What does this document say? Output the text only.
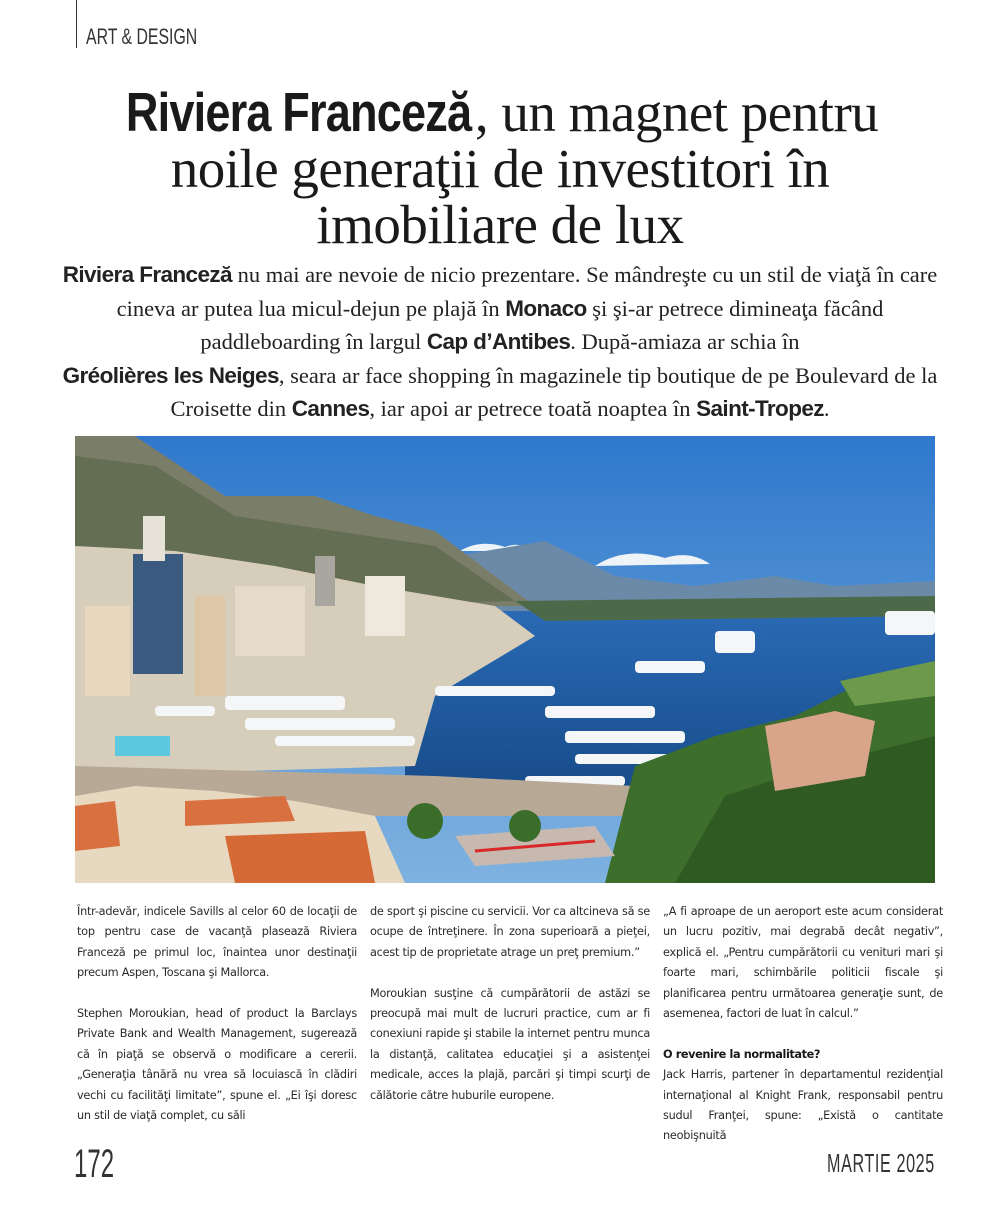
ART & DESIGN
Riviera Franceză, un magnet pentru
noile generaţii de investitori în
imobiliare de lux

Riviera Franceză nu mai are nevoie de nicio prezentare. Se mândreşte cu un stil de viaţă în care cineva ar putea lua micul-dejun pe plajă în Monaco şi şi-ar petrece dimineaţa făcând paddleboarding în largul Cap d’Antibes. După-amiaza ar schia în
Gréolières les Neiges, seara ar face shopping în magazinele tip boutique de pe Boulevard de la Croisette din Cannes, iar apoi ar petrece toată noaptea în Saint-Tropez.

Într-adevăr, indicele Savills al celor 60 de locaţii de top pentru case de vacanţă plasează Riviera Franceză pe primul loc, înaintea unor destinaţii precum Aspen, Toscana şi Mallorca.

Stephen Moroukian, head of product la Barclays Private Bank and Wealth Management, sugerează că în piaţă se observă o modificare a cererii. „Generaţia tânără nu vrea să locuiască în clădiri vechi cu facilităţi limitate”, spune el. „Ei îşi doresc un stil de viaţă complet, cu săli

de sport şi piscine cu servicii. Vor ca altcineva să se ocupe de întreţinere. În zona superioară a pieţei, acest tip de proprietate atrage un preţ premium.”

Moroukian susţine că cumpărătorii de astăzi se preocupă mai mult de lucruri practice, cum ar fi conexiuni rapide şi stabile la internet pentru munca la distanţă, calitatea educaţiei şi a asistenţei medicale, acces la plajă, parcări şi timpi scurţi de călătorie către huburile europene.

„A fi aproape de un aeroport este acum considerat un lucru pozitiv, mai degrabă decât negativ”, explică el. „Pentru cumpărătorii cu venituri mari şi foarte mari, schimbările politicii fiscale şi planificarea pentru următoarea generaţie sunt, de asemenea, factori de luat în calcul.”

O revenire la normalitate?

Jack Harris, partener în departamentul rezidenţial internaţional al Knight Frank, responsabil pentru sudul Franţei, spune: „Există o cantitate neobişnuită

172	MARTIE 2025
